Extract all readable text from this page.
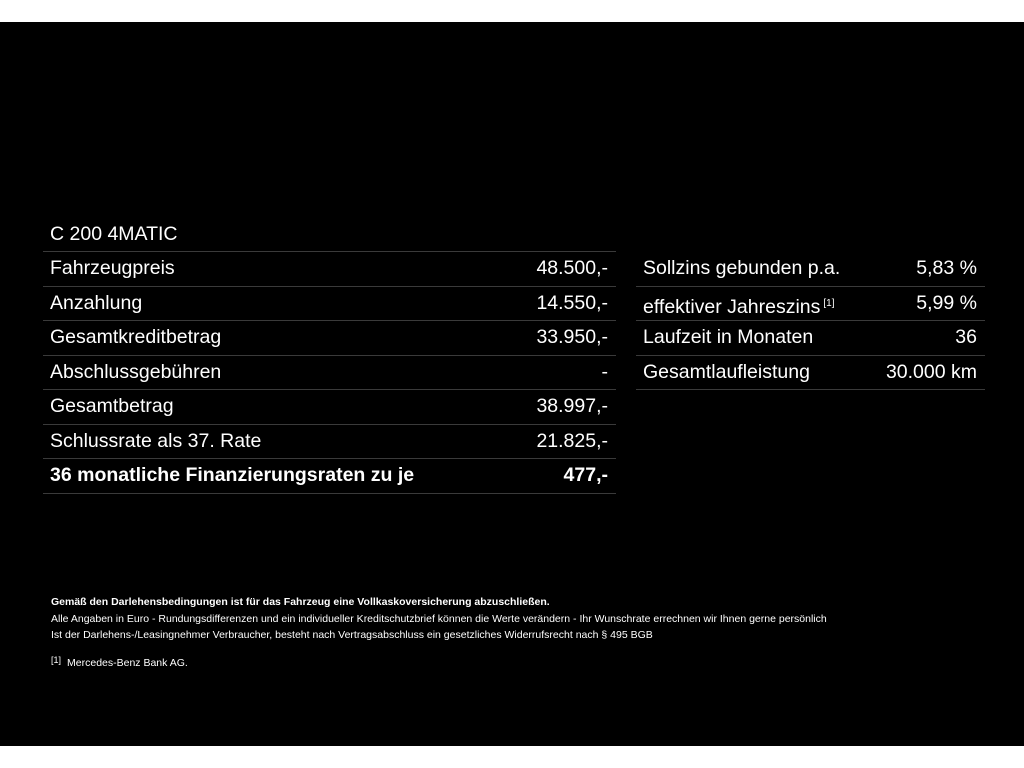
C 200 4MATIC
Fahrzeugpreis	48.500,-
Anzahlung	14.550,-
Gesamtkreditbetrag	33.950,-
Abschlussgebühren	-
Gesamtbetrag	38.997,-
Schlussrate als 37. Rate	21.825,-
36 monatliche Finanzierungsraten zu je	477,-
Sollzins gebunden p.a.	5,83 %
effektiver Jahreszins [1]	5,99 %
Laufzeit in Monaten	36
Gesamtlaufleistung	30.000 km
Gemäß den Darlehensbedingungen ist für das Fahrzeug eine Vollkaskoversicherung abzuschließen.
Alle Angaben in Euro - Rundungsdifferenzen und ein individueller Kreditschutzbrief können die Werte verändern - Ihr Wunschrate errechnen wir Ihnen gerne persönlich
Ist der Darlehens-/Leasingnehmer Verbraucher, besteht nach Vertragsabschluss ein gesetzliches Widerrufsrecht nach § 495 BGB
[1] Mercedes-Benz Bank AG.
